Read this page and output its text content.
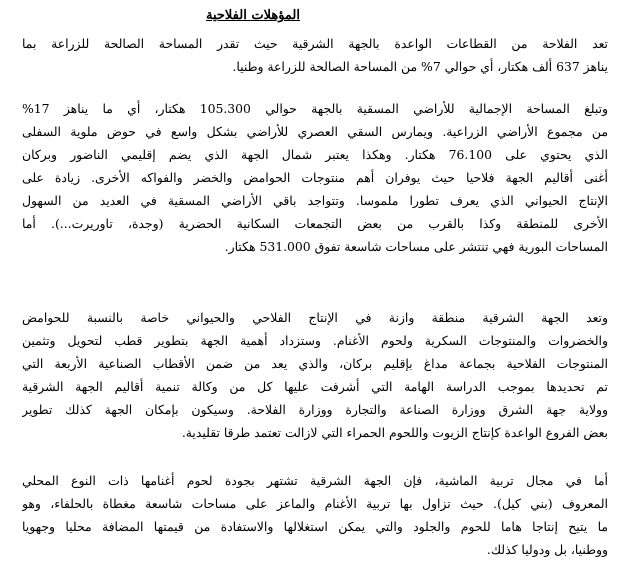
المؤهلات الفلاحية
تعد الفلاحة من القطاعات الواعدة بالجهة الشرقية حيث تقدر المساحة الصالحة للزراعة بما
يناهز 637 ألف هكتار، أي حوالي 7% من المساحة الصالحة للزراعة وطنيا.
وتبلغ المساحة الإجمالية للأراضي المسقية بالجهة حوالي 105.300 هكتار، أي ما يناهز 17%
من مجموع الأراضي الزراعية. ويمارس السقي العصري للأراضي بشكل واسع في حوض ملوية السفلى
الذي يحتوي على 76.100 هكتار. وهكذا يعتبر شمال الجهة الذي يضم إقليمي الناضور وبركان
أغنى أقاليم الجهة فلاحيا حيث يوفران أهم منتوجات الحوامض والخضر والفواكه الأخرى. زيادة على
الإنتاج الحيواني الذي يعرف تطورا ملموسا. وتتواجد باقي الأراضي المسقية في العديد من السهول
الأخرى للمنطقة وكذا بالقرب من بعض التجمعات السكانية الحضرية (وجدة، تاوريرت...). أما
المساحات البورية فهي تنتشر على مساحات شاسعة تفوق 531.000 هكتار.
وتعد الجهة الشرقية منطقة وازنة في الإنتاج الفلاحي والحيواني خاصة بالنسبة للحوامض
والخضروات والمنتوجات السكرية ولحوم الأغنام. وستزداد أهمية الجهة بتطوير قطب لتحويل وتثمين
المنتوجات الفلاحية بجماعة مداغ بإقليم بركان، والذي يعد من ضمن الأقطاب الصناعية الأربعة التي
تم تحديدها بموجب الدراسة الهامة التي أشرفت عليها كل من وكالة تنمية أقاليم الجهة الشرقية
وولاية جهة الشرق ووزارة الصناعة والتجارة ووزارة الفلاحة. وسيكون بإمكان الجهة كذلك تطوير
بعض الفروع الواعدة كإنتاج الزيوت واللحوم الحمراء التي لازالت تعتمد طرقا تقليدية.
أما في مجال تربية الماشية، فإن الجهة الشرقية تشتهر بجودة لحوم أغنامها ذات النوع المحلي
المعروف (بني كيل). حيث تزاول بها تربية الأغنام والماعز على مساحات شاسعة مغطاة بالحلفاء، وهو
ما يتيح إنتاجا هاما للحوم والجلود والتي يمكن استغلالها والاستفادة من قيمتها المضافة محليا وجهويا
ووطنيا، بل ودوليا كذلك.
